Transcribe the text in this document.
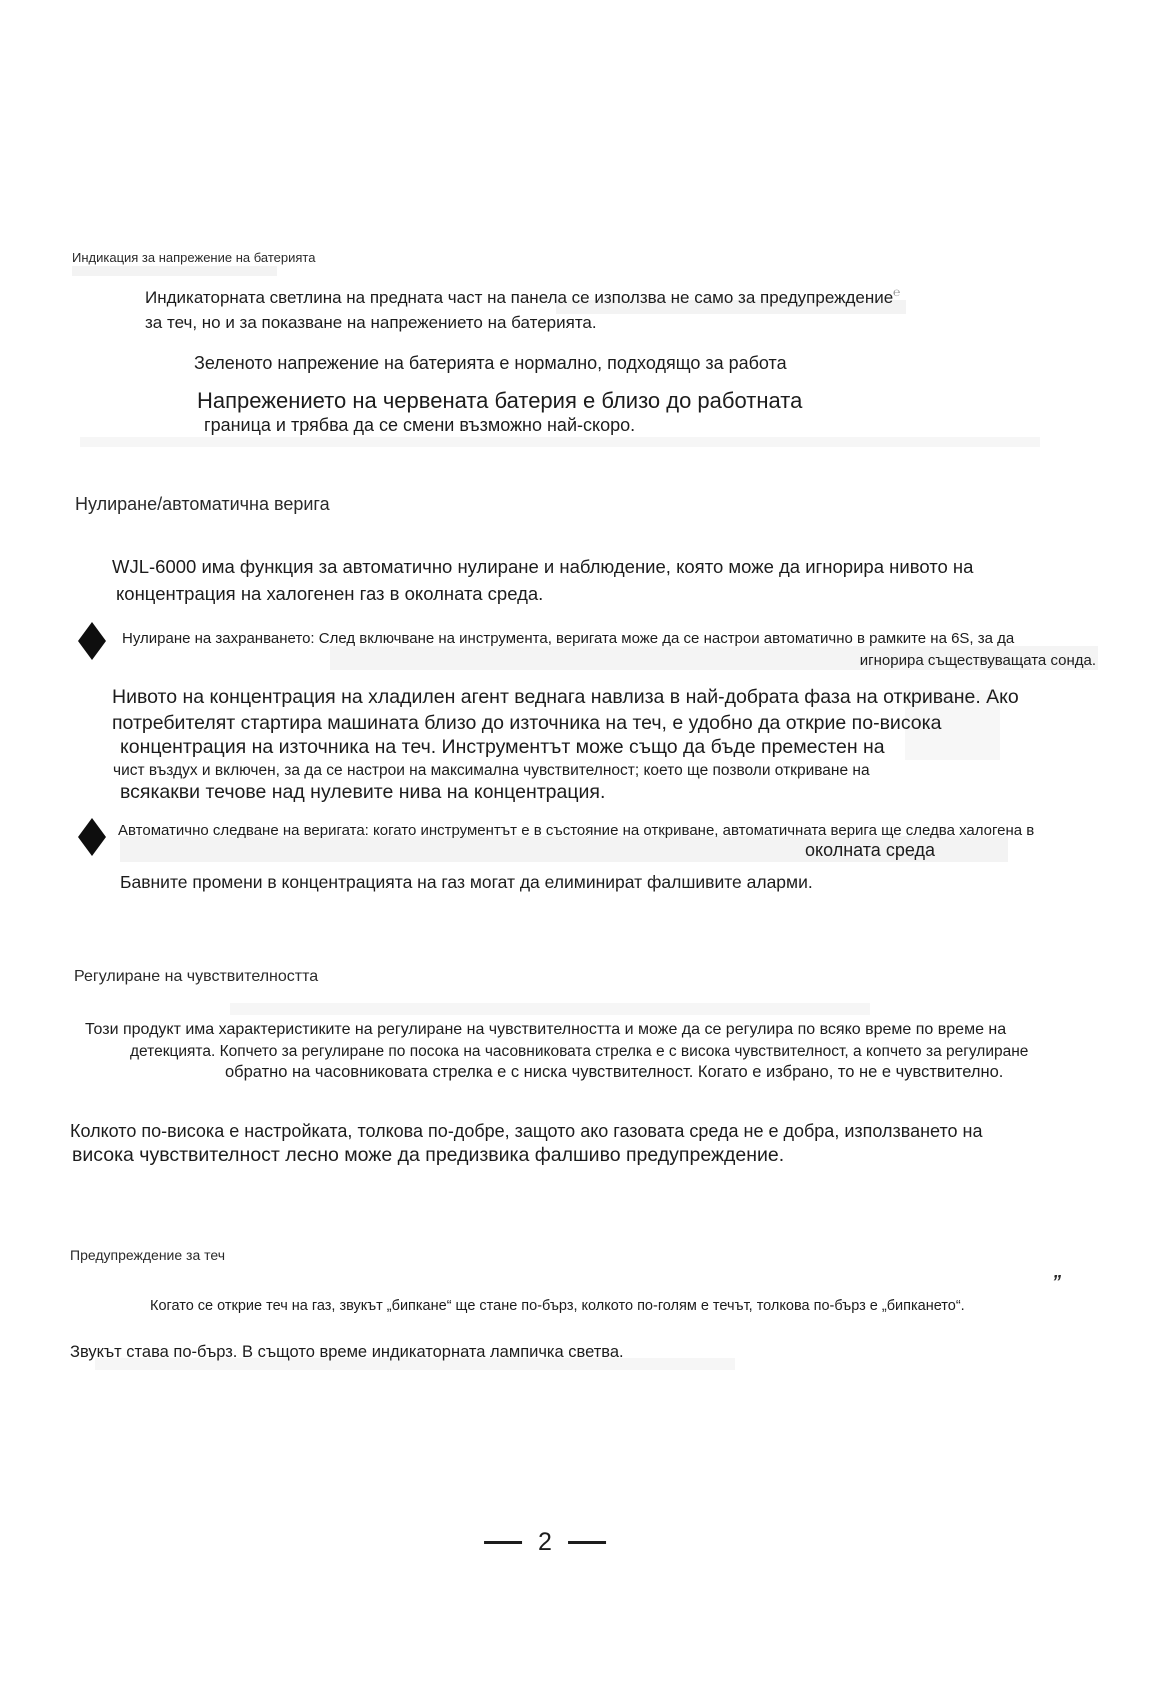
Индикация за напрежение на батерията
Индикаторната светлина на предната част на панела се използва не само за предупреждение
за теч, но и за показване на напрежението на батерията.
℮
Зеленото напрежение на батерията е нормално, подходящо за работа
Напрежението на червената батерия е близо до работната
граница и трябва да се смени възможно най-скоро.
Нулиране/автоматична верига
WJL-6000 има функция за автоматично нулиране и наблюдение, която може да игнорира нивото на
концентрация на халогенен газ в околната среда.
Нулиране на захранването: След включване на инструмента, веригата може да се настрои автоматично в рамките на 6S, за да
игнорира съществуващата сонда.
Нивото на концентрация на хладилен агент веднага навлиза в най-добрата фаза на откриване. Ако
потребителят стартира машината близо до източника на теч, е удобно да открие по-висока
концентрация на източника на теч. Инструментът може също да бъде преместен на
чист въздух и включен, за да се настрои на максимална чувствителност; което ще позволи откриване на
всякакви течове над нулевите нива на концентрация.
Автоматично следване на веригата: когато инструментът е в състояние на откриване, автоматичната верига ще следва халогена в
околната среда
Бавните промени в концентрацията на газ могат да елиминират фалшивите аларми.
Регулиране на чувствителността
Този продукт има характеристиките на регулиране на чувствителността и може да се регулира по всяко време по време на
детекцията. Копчето за регулиране по посока на часовниковата стрелка е с висока чувствителност, а копчето за регулиране
обратно на часовниковата стрелка е с ниска чувствителност. Когато е избрано, то не е чувствително.
Колкото по-висока е настройката, толкова по-добре, защото ако газовата среда не е добра, използването на
висока чувствителност лесно може да предизвика фалшиво предупреждение.
Предупреждение за теч
”
Когато се открие теч на газ, звукът „бипкане“ ще стане по-бърз, колкото по-голям е течът, толкова по-бърз е „бипкането“.
Звукът става по-бърз. В същото време индикаторната лампичка светва.
2
